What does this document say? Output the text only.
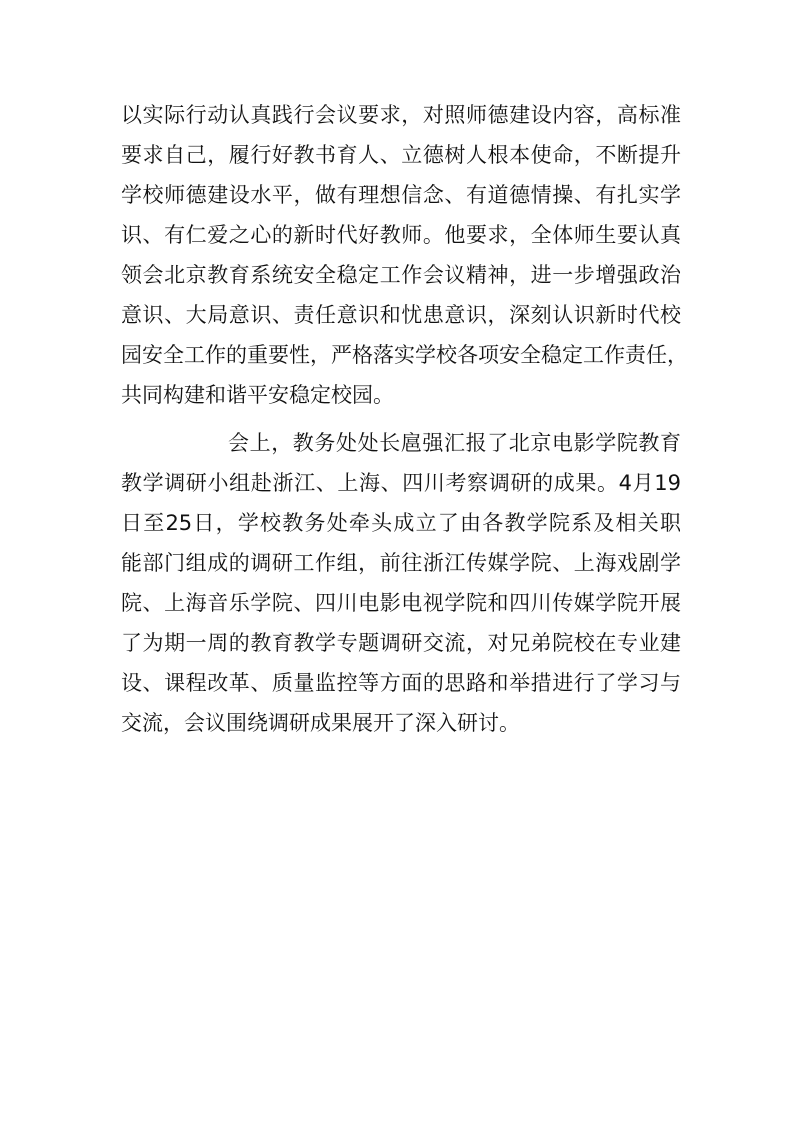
以实际行动认真践行会议要求，对照师德建设内容，高标准
要求自己，履行好教书育人、立德树人根本使命，不断提升
学校师德建设水平，做有理想信念、有道德情操、有扎实学
识、有仁爱之心的新时代好教师。他要求，全体师生要认真
领会北京教育系统安全稳定工作会议精神，进一步增强政治
意识、大局意识、责任意识和忧患意识，深刻认识新时代校
园安全工作的重要性，严格落实学校各项安全稳定工作责任，
共同构建和谐平安稳定校园。
会上，教务处处长扈强汇报了北京电影学院教育
教学调研小组赴浙江、上海、四川考察调研的成果。4月19
日至25日，学校教务处牵头成立了由各教学院系及相关职
能部门组成的调研工作组，前往浙江传媒学院、上海戏剧学
院、上海音乐学院、四川电影电视学院和四川传媒学院开展
了为期一周的教育教学专题调研交流，对兄弟院校在专业建
设、课程改革、质量监控等方面的思路和举措进行了学习与
交流，会议围绕调研成果展开了深入研讨。
